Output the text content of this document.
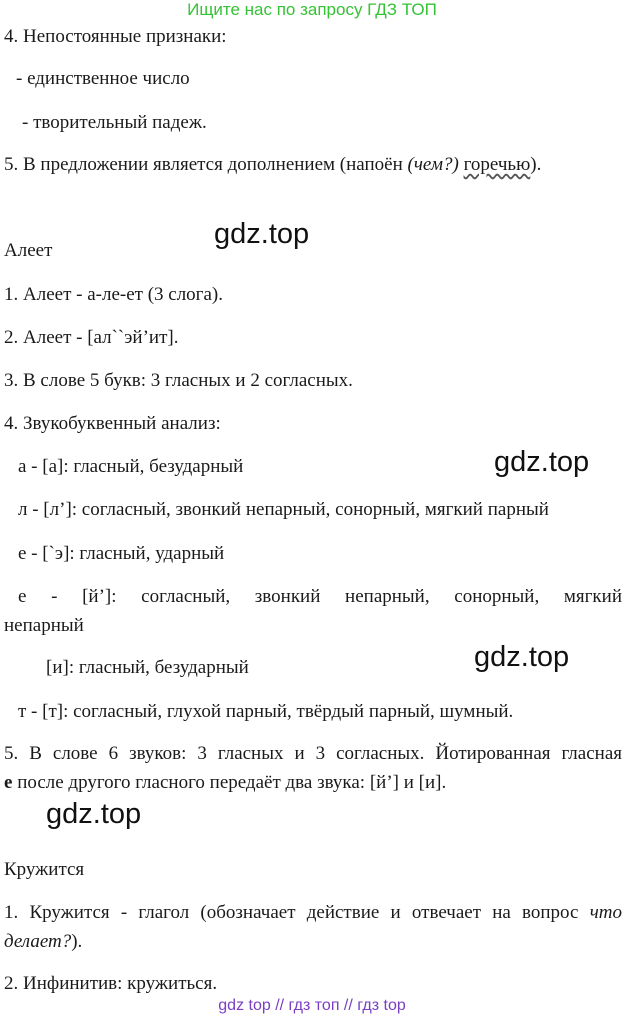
Ищите нас по запросу ГДЗ ТОП
4. Непостоянные признаки:
- единственное число
- творительный падеж.
5. В предложении является дополнением (напоён (чем?) горечью).
gdz.top
Алеет
1. Алеет - а-ле-ет (3 слога).
2. Алеет - [ал``эй’ит].
3. В слове 5 букв: 3 гласных и 2 согласных.
4. Звукобуквенный анализ:
а - [а]: гласный, безударный	gdz.top
л - [л’]: согласный, звонкий непарный, сонорный, мягкий парный
е - [`э]: гласный, ударный
е - [й’]: согласный, звонкий непарный, сонорный, мягкий
непарный
[и]: гласный, безударный	gdz.top
т - [т]: согласный, глухой парный, твёрдый парный, шумный.
5. В слове 6 звуков: 3 гласных и 3 согласных. Йотированная гласная
е после другого гласного передаёт два звука: [й’] и [и].
gdz.top
Кружится
1. Кружится - глагол (обозначает действие и отвечает на вопрос что
делает?).
2. Инфинитив: кружиться.
gdz top // гдз топ // гдз top
